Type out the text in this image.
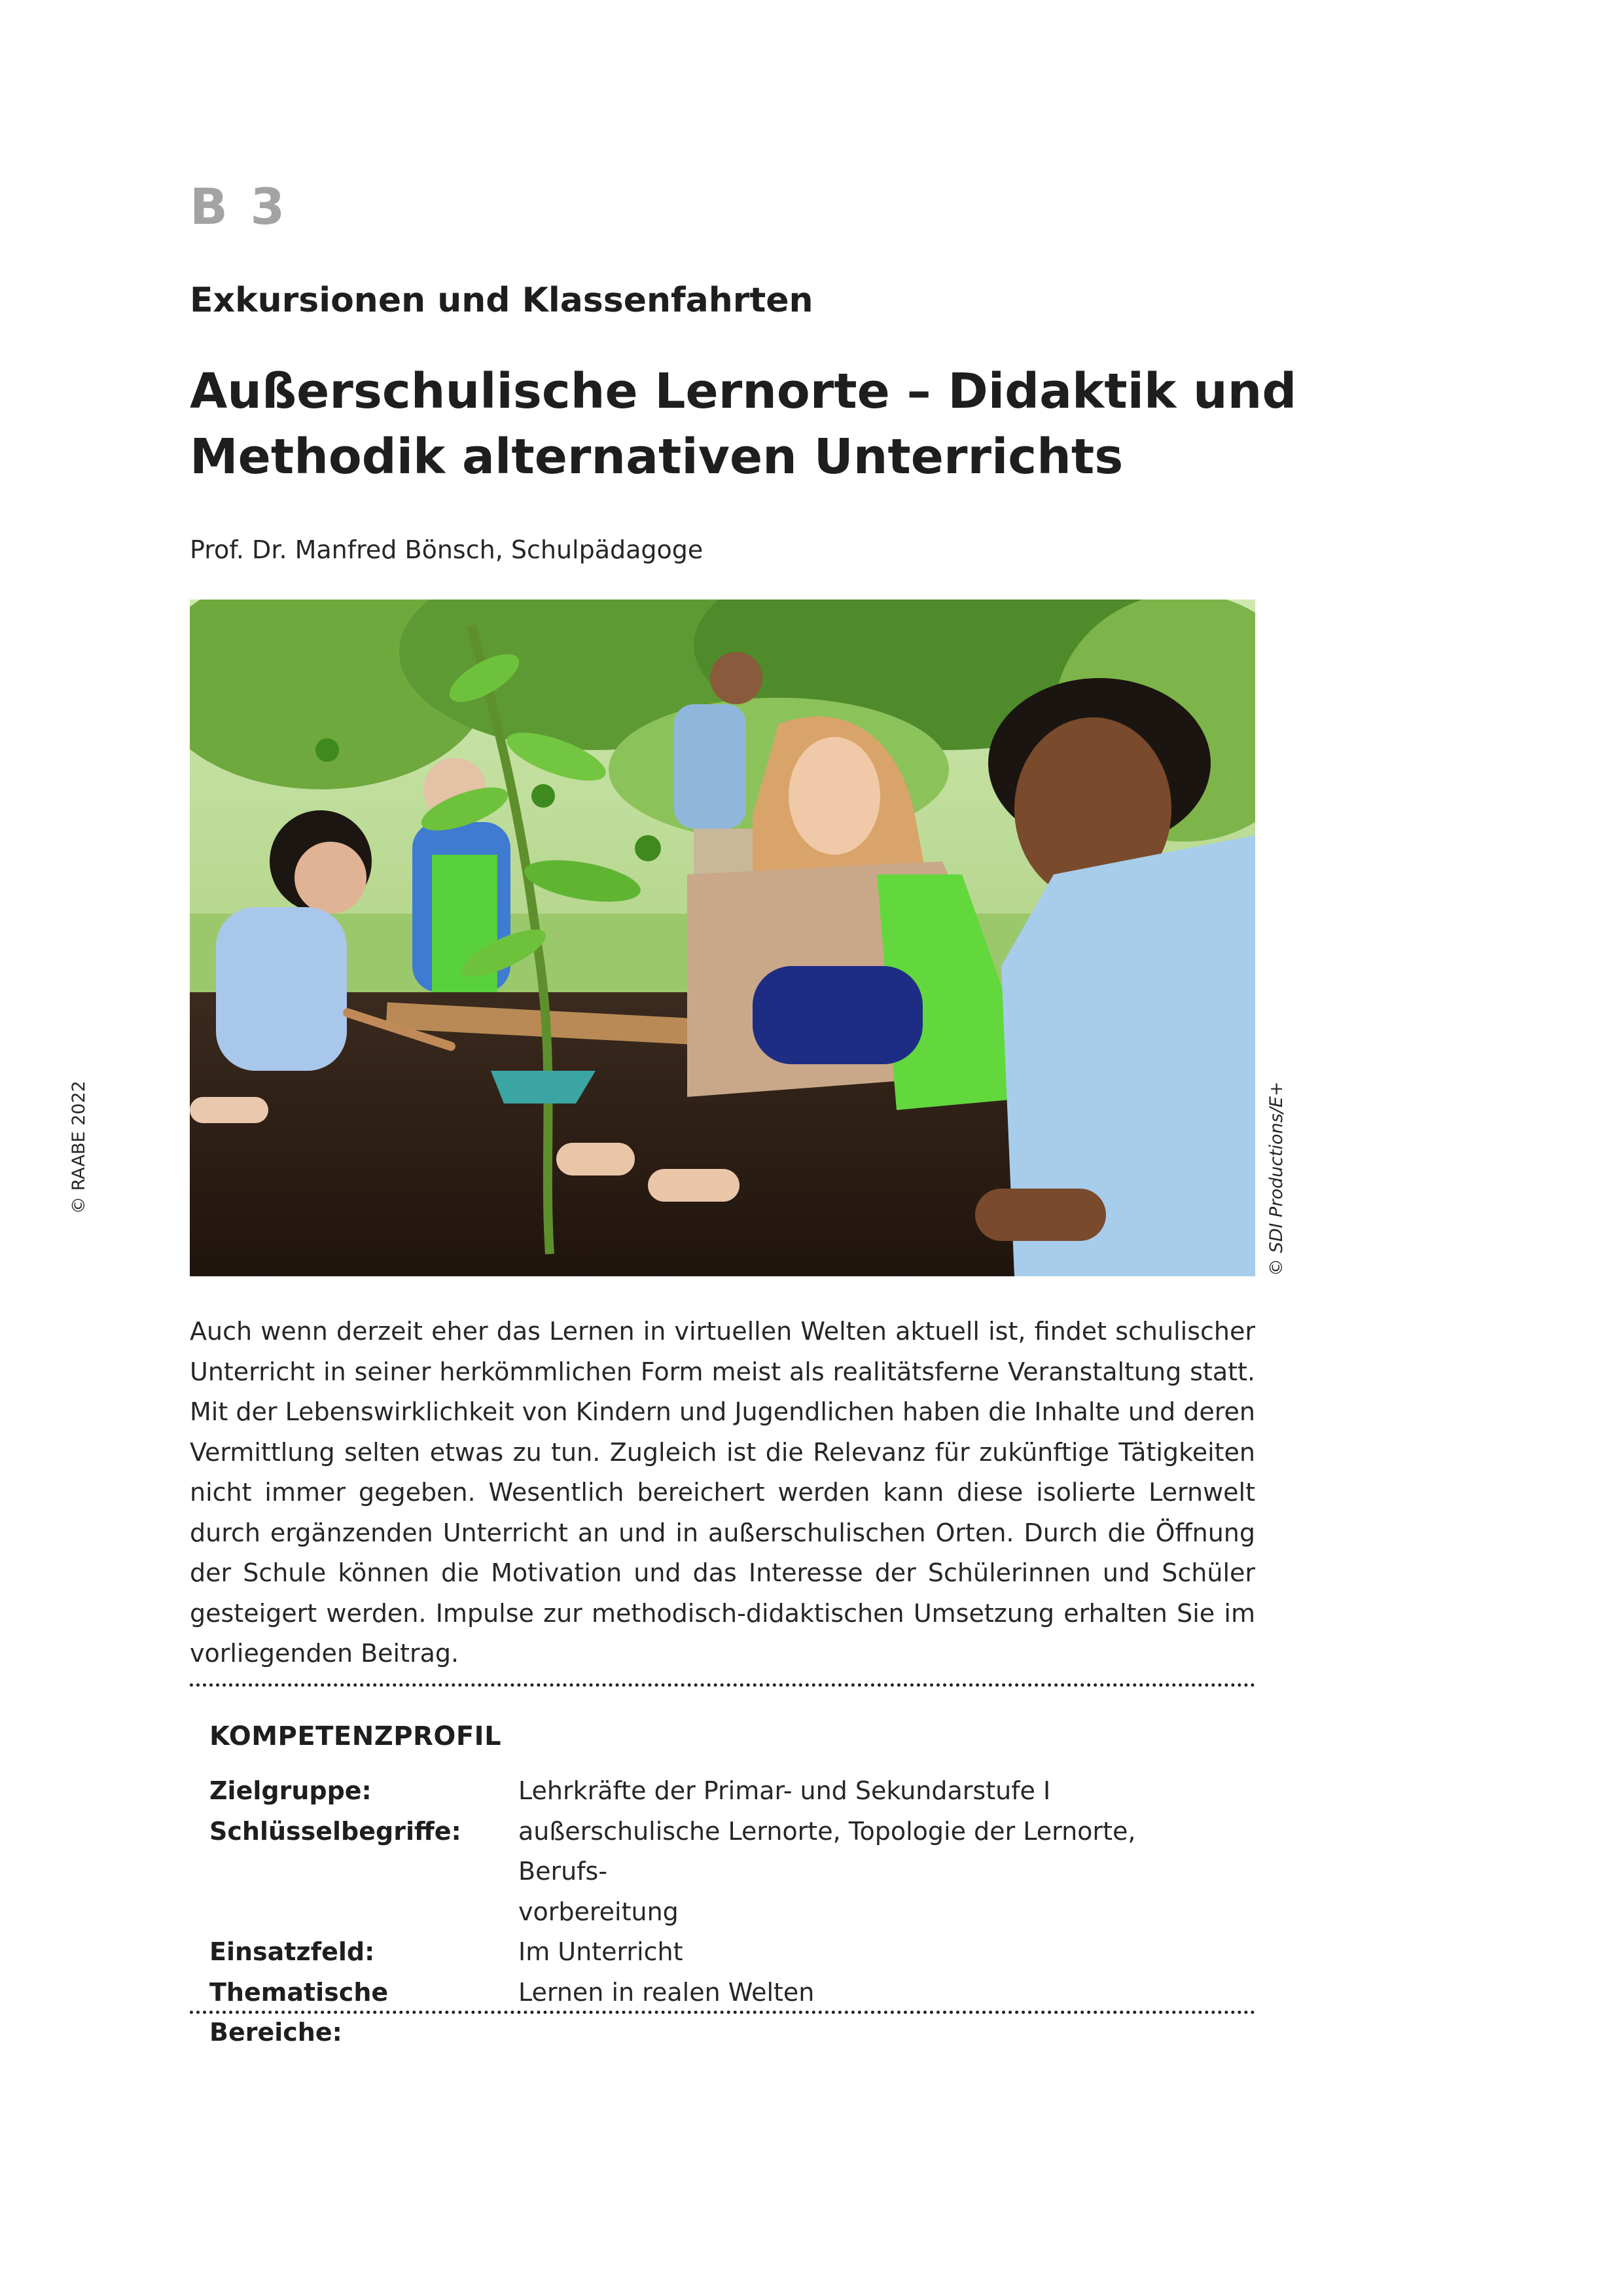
B 3
Exkursionen und Klassenfahrten
Außerschulische Lernorte – Didaktik und
Methodik alternativen Unterrichts

Prof. Dr. Manfred Bönsch, Schulpädagoge

© RAABE 2022	© SDI Productions/E+

Auch wenn derzeit eher das Lernen in virtuellen Welten aktuell ist, findet schulischer Unterricht in seiner herkömmlichen Form meist als realitätsferne Veranstaltung statt. Mit der Lebenswirklichkeit von Kindern und Jugendlichen haben die Inhalte und deren Vermittlung selten etwas zu tun. Zugleich ist die Relevanz für zukünftige Tätigkeiten nicht immer gegeben. Wesentlich bereichert werden kann diese isolierte Lernwelt durch ergänzenden Unterricht an und in außerschulischen Orten. Durch die Öffnung der Schule können die Motivation und das Interesse der Schülerinnen und Schüler gesteigert werden. Impulse zur methodisch-didaktischen Umsetzung erhalten Sie im vorliegenden Beitrag.

KOMPETENZPROFIL
Zielgruppe:	Lehrkräfte der Primar- und Sekundarstufe I
Schlüsselbegriffe:	außerschulische Lernorte, Topologie der Lernorte, Berufs-
vorbereitung
Einsatzfeld:	Im Unterricht
Thematische Bereiche:	Lernen in realen Welten
